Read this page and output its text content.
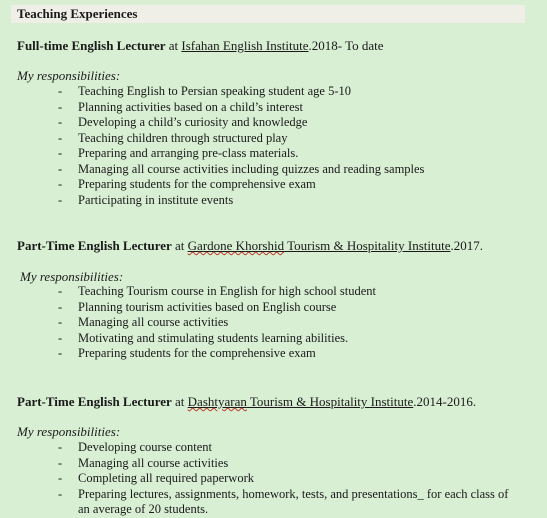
Teaching Experiences
Full-time English Lecturer at Isfahan English Institute.2018- To date
My responsibilities:
- Teaching English to Persian speaking student age 5-10
- Planning activities based on a child’s interest
- Developing a child’s curiosity and knowledge
- Teaching children through structured play
- Preparing and arranging pre-class materials.
- Managing all course activities including quizzes and reading samples
- Preparing students for the comprehensive exam
- Participating in institute events
Part-Time English Lecturer at Gardone Khorshid Tourism & Hospitality Institute.2017.
My responsibilities:
- Teaching Tourism course in English for high school student
- Planning tourism activities based on English course
- Managing all course activities
- Motivating and stimulating students learning abilities.
- Preparing students for the comprehensive exam
Part-Time English Lecturer at Dashtyaran Tourism & Hospitality Institute.2014-2016.
My responsibilities:
- Developing course content
- Managing all course activities
- Completing all required paperwork
- Preparing lectures, assignments, homework, tests, and presentations_ for each class of an average of 20 students.
